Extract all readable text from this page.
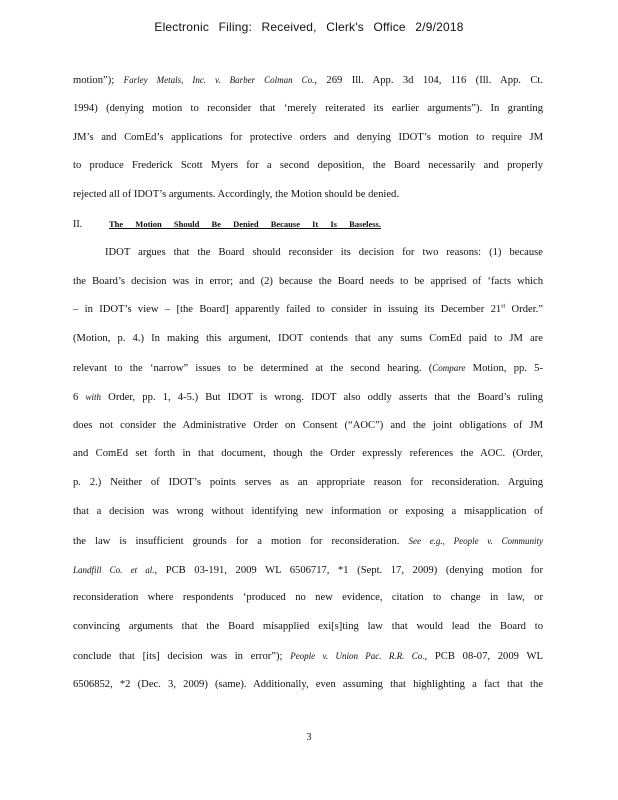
Electronic Filing: Received, Clerk's Office 2/9/2018
motion”); Farley Metals, Inc. v. Barber Colman Co., 269 Ill. App. 3d 104, 116 (Ill. App. Ct.
1994) (denying motion to reconsider that ‘merely reiterated its earlier arguments”). In granting
JM’s and ComEd’s applications for protective orders and denying IDOT’s motion to require JM
to produce Frederick Scott Myers for a second deposition, the Board necessarily and properly
rejected all of IDOT’s arguments. Accordingly, the Motion should be denied.
II.	The Motion Should Be Denied Because It Is Baseless.
IDOT argues that the Board should reconsider its decision for two reasons: (1) because
the Board’s decision was in error; and (2) because the Board needs to be apprised of ‘facts which
– in IDOT’s view – [the Board] apparently failed to consider in issuing its December 21st Order.”
(Motion, p. 4.) In making this argument, IDOT contends that any sums ComEd paid to JM are
relevant to the ‘narrow” issues to be determined at the second hearing. (Compare Motion, pp. 5-
6 with Order, pp. 1, 4-5.) But IDOT is wrong. IDOT also oddly asserts that the Board’s ruling
does not consider the Administrative Order on Consent (“AOC”) and the joint obligations of JM
and ComEd set forth in that document, though the Order expressly references the AOC. (Order,
p. 2.) Neither of IDOT’s points serves as an appropriate reason for reconsideration. Arguing
that a decision was wrong without identifying new information or exposing a misapplication of
the law is insufficient grounds for a motion for reconsideration. See e.g., People v. Community
Landfill Co. et al., PCB 03-191, 2009 WL 6506717, *1 (Sept. 17, 2009) (denying motion for
reconsideration where respondents ‘produced no new evidence, citation to change in law, or
convincing arguments that the Board misapplied exi[s]ting law that would lead the Board to
conclude that [its] decision was in error”); People v. Union Pac. R.R. Co., PCB 08-07, 2009 WL
6506852, *2 (Dec. 3, 2009) (same). Additionally, even assuming that highlighting a fact that the
3
